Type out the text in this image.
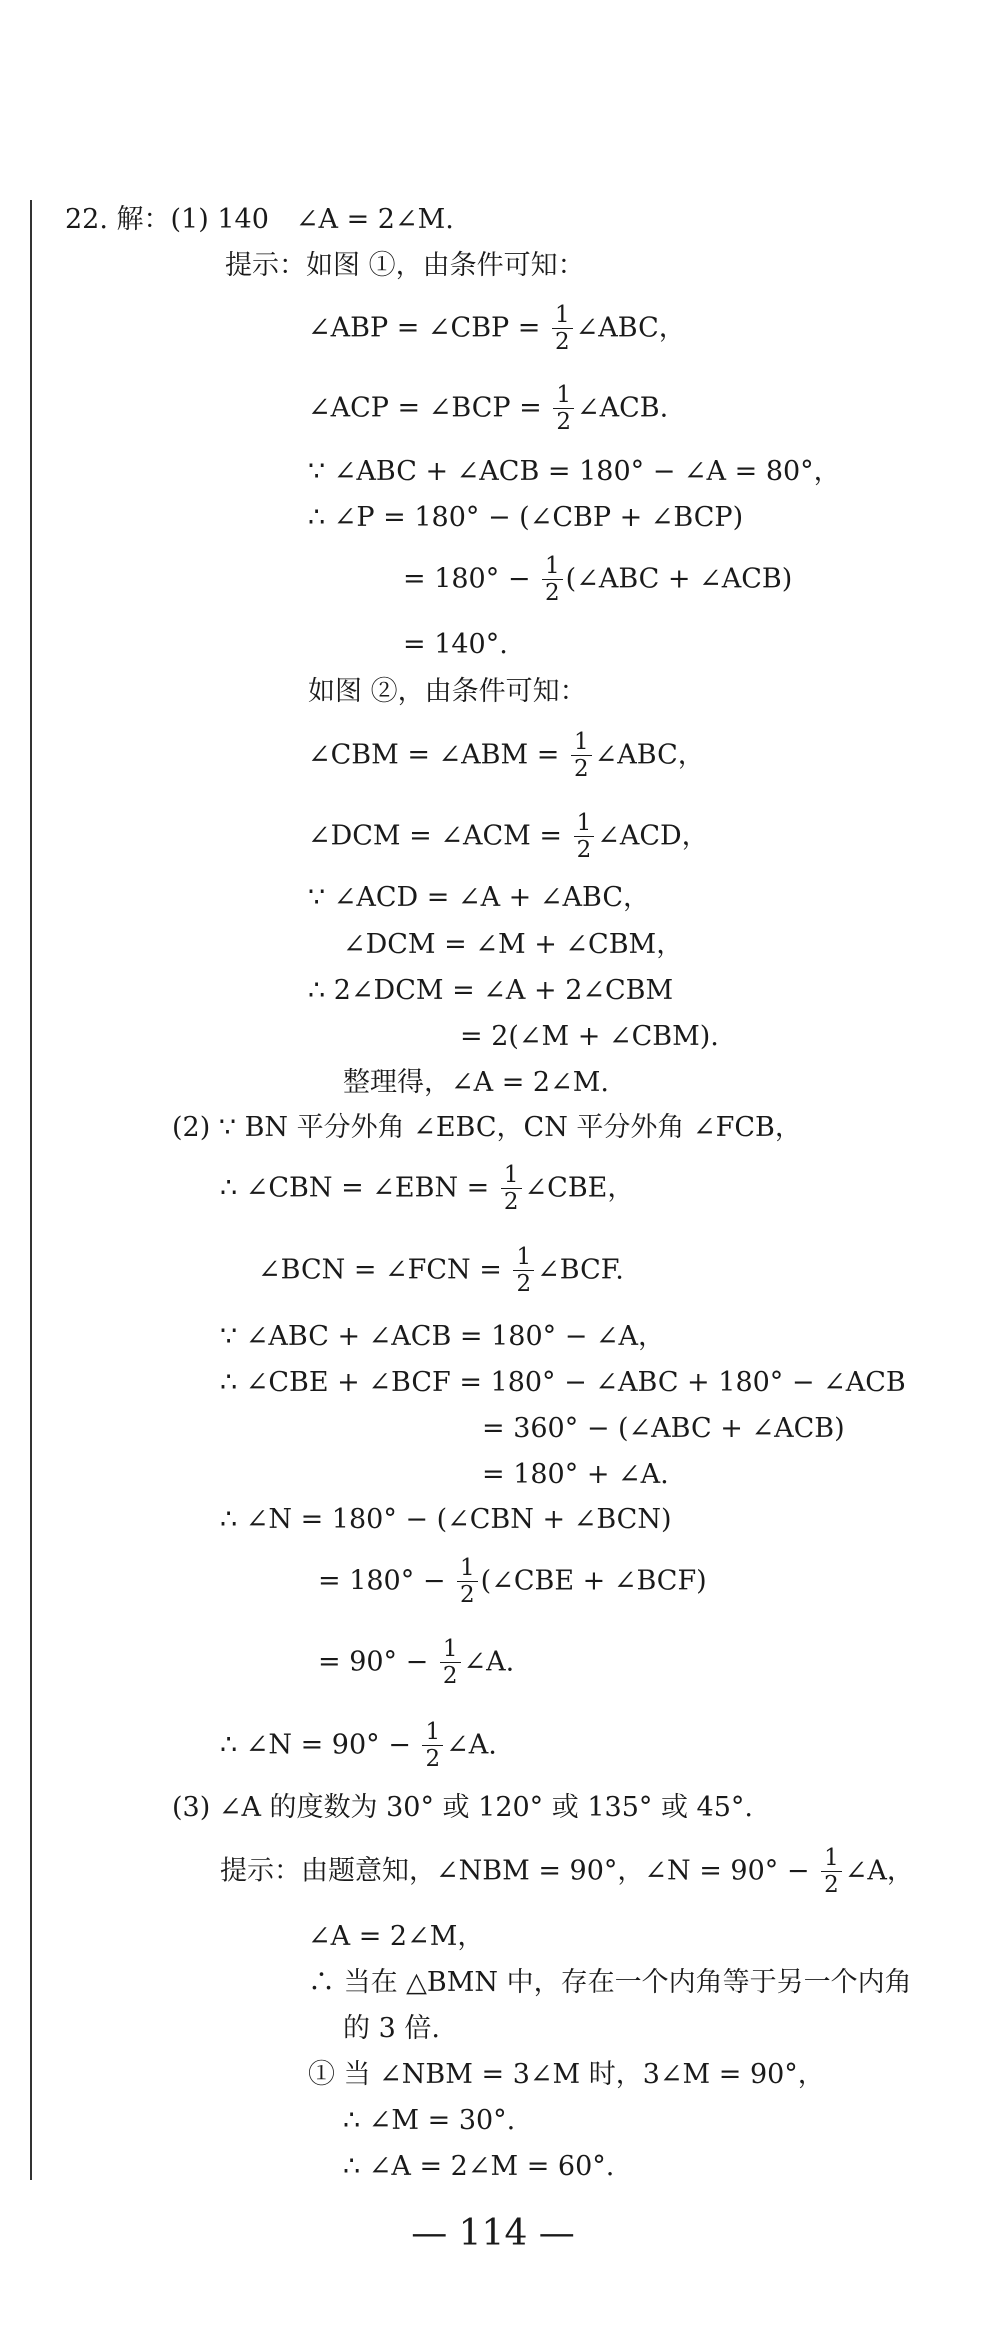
22. 解：(1) 140　∠A = 2∠M.
提示：如图 ①，由条件可知：
∠ABP = ∠CBP = $\frac{1}{2}$ ∠ABC，
∠ACP = ∠BCP = $\frac{1}{2}$ ∠ACB.
∵ ∠ABC + ∠ACB = 180° − ∠A = 80°，
∴ ∠P = 180° − (∠CBP + ∠BCP)
= $180^\circ - \frac{1}{2}$ (∠ABC + ∠ACB)
= 140°.
如图 ②，由条件可知：
∠CBM = ∠ABM = $\frac{1}{2}$ ∠ABC，
∠DCM = ∠ACM = $\frac{1}{2}$ ∠ACD，
∵ ∠ACD = ∠A + ∠ABC，
∠DCM = ∠M + ∠CBM，
∴ 2∠DCM = ∠A + 2∠CBM
= 2(∠M + ∠CBM).
整理得，∠A = 2∠M.
(2) ∵ BN 平分外角 ∠EBC，CN 平分外角 ∠FCB，
∴ ∠CBN = ∠EBN = $\frac{1}{2}$ ∠CBE，
∠BCN = ∠FCN = $\frac{1}{2}$ ∠BCF.
∵ ∠ABC + ∠ACB = 180° − ∠A，
∴ ∠CBE + ∠BCF = 180° − ∠ABC + 180° − ∠ACB
= 360° − (∠ABC + ∠ACB)
= 180° + ∠A.
∴ ∠N = 180° − (∠CBN + ∠BCN)
= $180^\circ - \frac{1}{2}$ (∠CBE + ∠BCF)
= $90^\circ - \frac{1}{2}$ ∠A.
∴ ∠N = $90^\circ - \frac{1}{2}$ ∠A.
(3) ∠A 的度数为 30° 或 120° 或 135° 或 45°.
提示：由题意知，∠NBM = 90°，∠N = $90^\circ - \frac{1}{2}$ ∠A，
∠A = 2∠M，
∴ 当在 △BMN 中，存在一个内角等于另一个内角
的 3 倍.
① 当 ∠NBM = 3∠M 时，3∠M = 90°，
∴ ∠M = 30°.
∴ ∠A = 2∠M = 60°.
— 114 —
